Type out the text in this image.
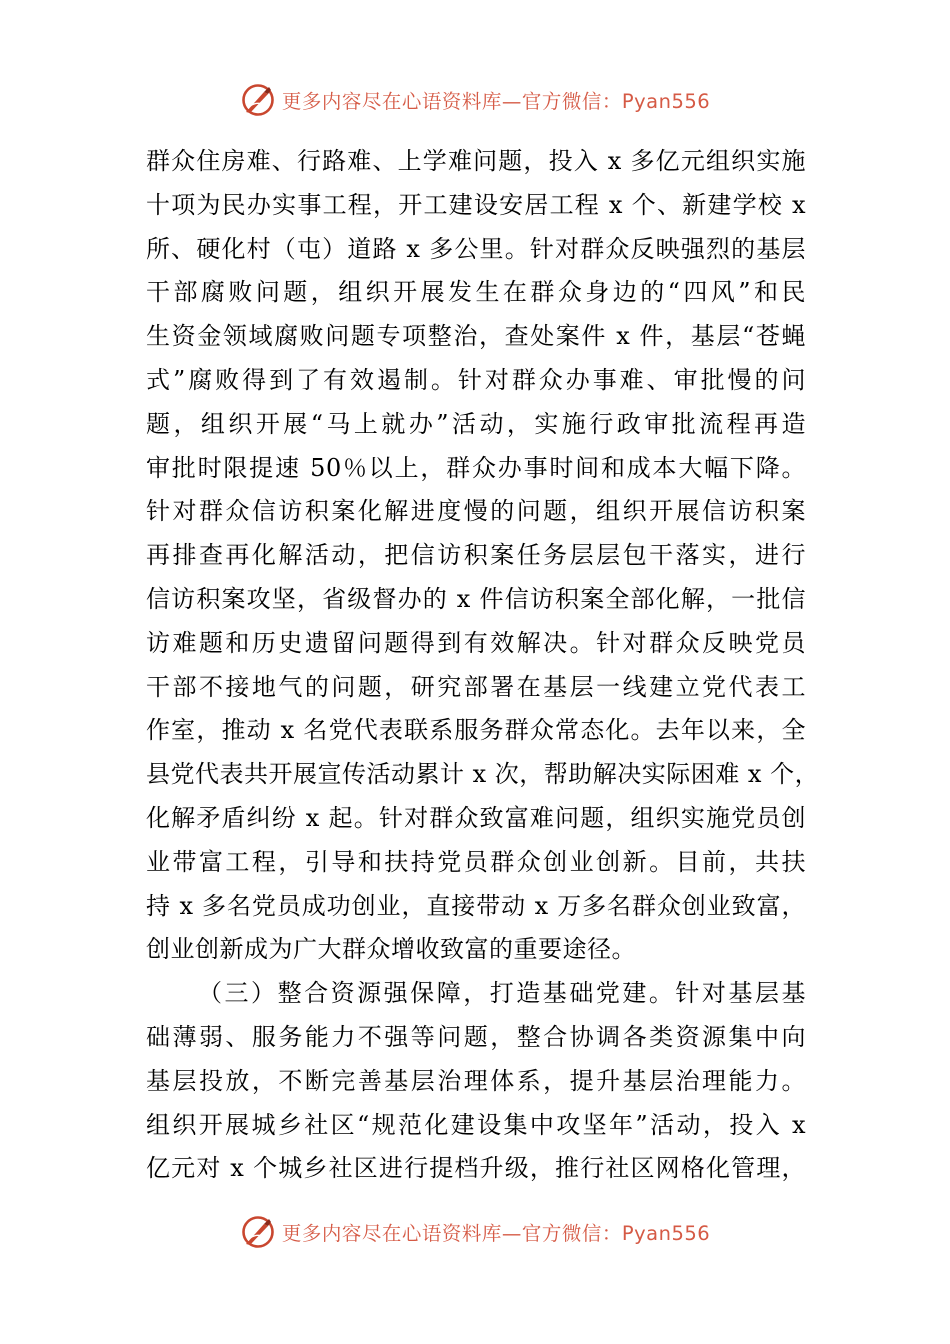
更多内容尽在心语资料库—官方微信：Pyan556
群众住房难、行路难、上学难问题，投入 x 多亿元组织实施
十项为民办实事工程，开工建设安居工程 x 个、新建学校 x
所、硬化村（屯）道路 x 多公里。针对群众反映强烈的基层
干部腐败问题，组织开展发生在群众身边的“四风”和民
生资金领域腐败问题专项整治，查处案件 x 件，基层“苍蝇
式”腐败得到了有效遏制。针对群众办事难、审批慢的问
题，组织开展“马上就办”活动，实施行政审批流程再造
审批时限提速 50％以上，群众办事时间和成本大幅下降。
针对群众信访积案化解进度慢的问题，组织开展信访积案
再排查再化解活动，把信访积案任务层层包干落实，进行
信访积案攻坚，省级督办的 x 件信访积案全部化解，一批信
访难题和历史遗留问题得到有效解决。针对群众反映党员
干部不接地气的问题，研究部署在基层一线建立党代表工
作室，推动 x 名党代表联系服务群众常态化。去年以来，全
县党代表共开展宣传活动累计 x 次，帮助解决实际困难 x 个，
化解矛盾纠纷 x 起。针对群众致富难问题，组织实施党员创
业带富工程，引导和扶持党员群众创业创新。目前，共扶
持 x 多名党员成功创业，直接带动 x 万多名群众创业致富，
创业创新成为广大群众增收致富的重要途径。
（三）整合资源强保障，打造基础党建。针对基层基
础薄弱、服务能力不强等问题，整合协调各类资源集中向
基层投放，不断完善基层治理体系，提升基层治理能力。
组织开展城乡社区“规范化建设集中攻坚年”活动，投入 x
亿元对 x 个城乡社区进行提档升级，推行社区网格化管理，
更多内容尽在心语资料库—官方微信：Pyan556
